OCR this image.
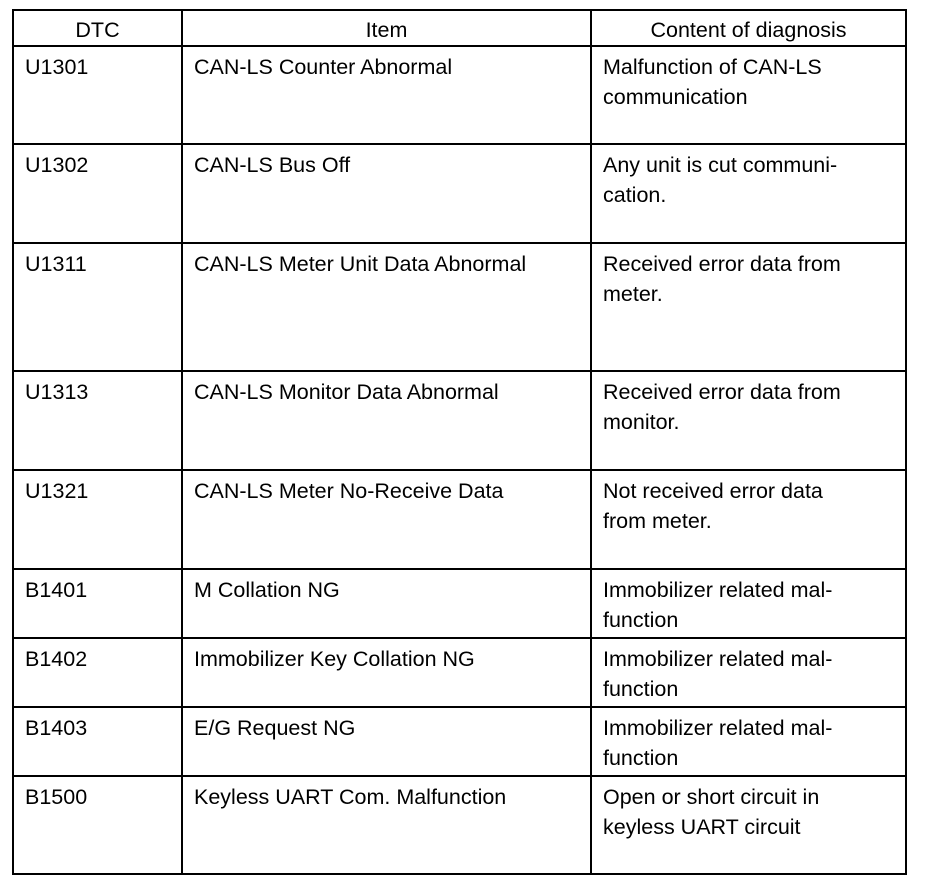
DTC	Item	Content of diagnosis
U1301	CAN-LS Counter Abnormal	Malfunction of CAN-LS communication

U1302	CAN-LS Bus Off	Any unit is cut communi-cation.

U1311	CAN-LS Meter Unit Data Abnormal	Received error data from meter.

U1313	CAN-LS Monitor Data Abnormal	Received error data from monitor.

U1321	CAN-LS Meter No-Receive Data	Not received error data from meter.

B1401	M Collation NG	Immobilizer related mal-function

B1402	Immobilizer Key Collation NG	Immobilizer related mal-function

B1403	E/G Request NG	Immobilizer related mal-function

B1500	Keyless UART Com. Malfunction	Open or short circuit in keyless UART circuit
